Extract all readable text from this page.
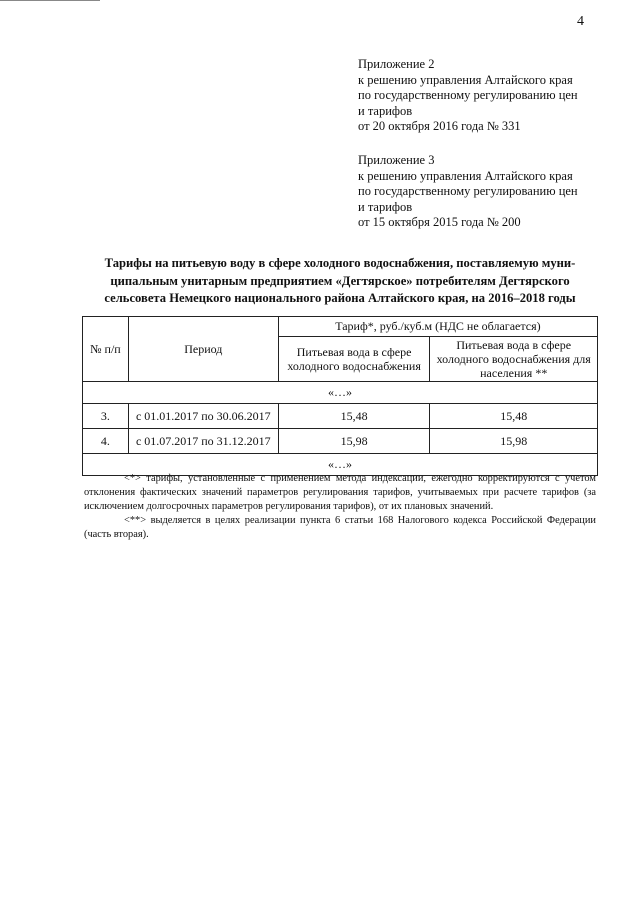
4
Приложение 2
к решению управления Алтайского края
по государственному регулированию цен
и тарифов
от 20 октября 2016 года № 331
Приложение 3
к решению управления Алтайского края
по государственному регулированию цен
и тарифов
от 15 октября 2015 года № 200
Тарифы на питьевую воду в сфере холодного водоснабжения, поставляемую муни-
ципальным унитарным предприятием «Дегтярское» потребителям Дегтярского
сельсовета Немецкого национального района Алтайского края, на 2016–2018 годы
№ п/п	Период	Тариф*, руб./куб.м (НДС не облагается)	
		Питьевая вода в сфере холодного водоснабжения	Питьевая вода в сфере холодного водоснабжения для населения **
«…»			
3.	с 01.01.2017 по 30.06.2017	15,48	15,48
4.	с 01.07.2017 по 31.12.2017	15,98	15,98
«…»			

<*> тарифы, установленные с применением метода индексации, ежегодно корректируются с учетом отклонения фактических значений параметров регулирования тарифов, учитываемых при расчете тарифов (за исключением долгосрочных параметров регулирования тарифов), от их плановых значений.

<**> выделяется в целях реализации пункта 6 статьи 168 Налогового кодекса Российской Федерации (часть вторая).
